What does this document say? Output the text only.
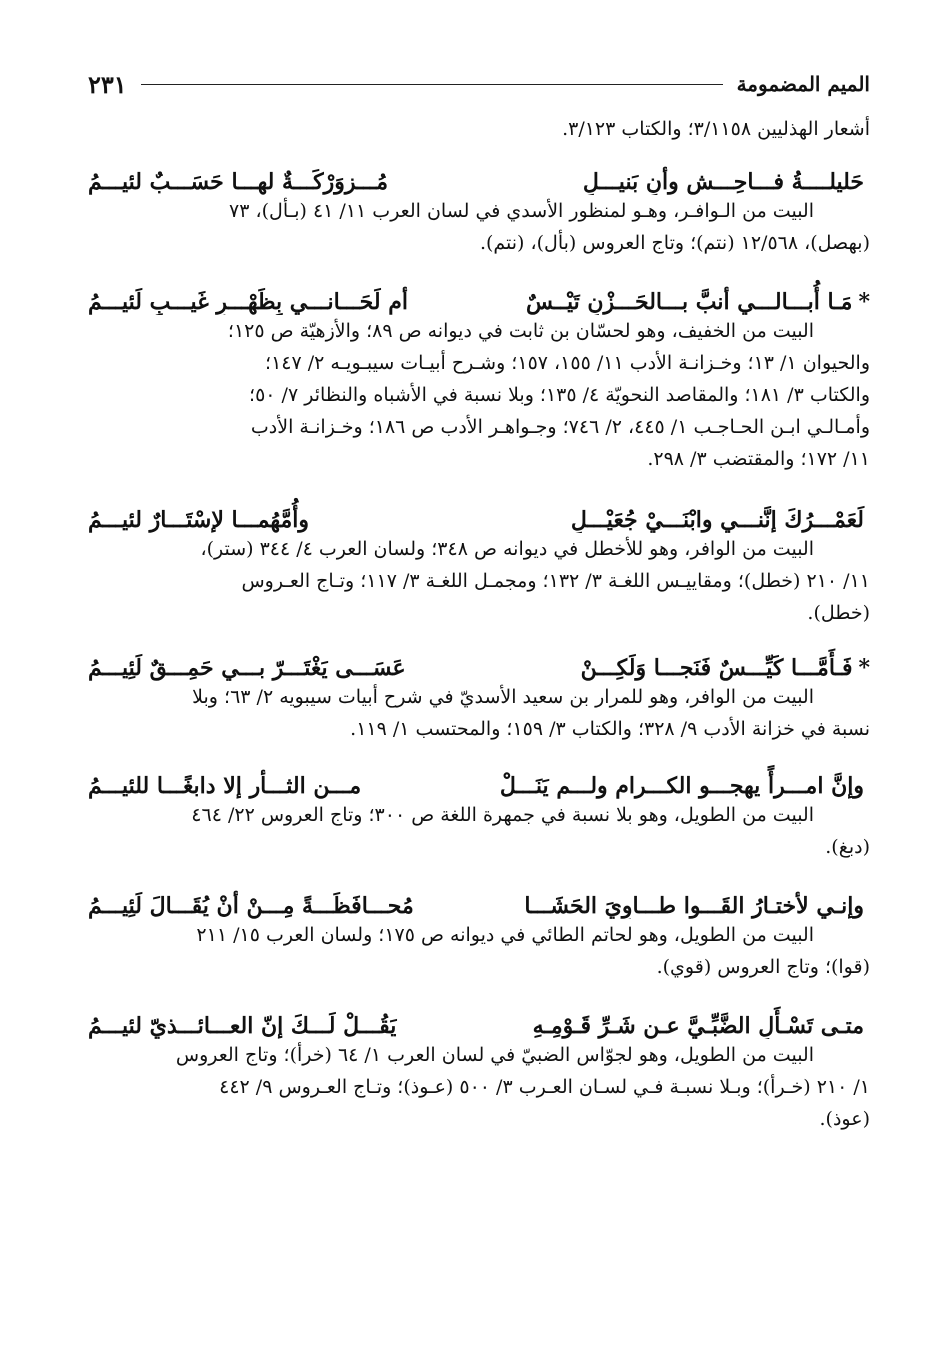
الميم المضمومة
٢٣١
أشعار الهذليين ٣/١١٥٨؛ والكتاب ٣/١٢٣.
حَليلــــةُ فـــاحِـــشٍ وأنٍ بَنيـــلٍ
مُـــزوَرْكَـــةٌ لهـــا حَسَـــبٌ لئيـــمُ
البيت من الـوافـر، وهـو لمنظور الأسدي في لسان العرب ١١/ ٤١ (بـأل)، ٧٣
(بهصل)، ١٢/٥٦٨ (نتم)؛ وتاج العروس (بأل)، (نتم).
*مَـا أُبـــالـــي أنبَّ بـــالحَـــزْنِ تَيْــسٌ
أم لَحَـــانـــي بِظَهْـــرِ غَيـــبٍ لَئيـــمُ
البيت من الخفيف، وهو لحسّان بن ثابت في ديوانه ص ٨٩؛ والأزهيّة ص ١٢٥؛
والحيوان ١/ ١٣؛ وخـزانـة الأدب ١١/ ١٥٥، ١٥٧؛ وشـرح أبيـات سيبـويـه ٢/ ١٤٧؛
والكتاب ٣/ ١٨١؛ والمقاصد النحويّة ٤/ ١٣٥؛ وبلا نسبة في الأشباه والنظائر ٧/ ٥٠؛
وأمـالـي ابـن الحـاجـب ١/ ٤٤٥، ٢/ ٧٤٦؛ وجـواهـر الأدب ص ١٨٦؛ وخـزانـة الأدب
١١/ ١٧٢؛ والمقتضب ٣/ ٢٩٨.
لَعَمْـــرُكَ إنَّنـــي وابْنَـــيْ جُعَيْـــلٍ
وأُمَّهُمـــا لإسْتَـــارٌ لئيـــمُ
البيت من الوافر، وهو للأخطل في ديوانه ص ٣٤٨؛ ولسان العرب ٤/ ٣٤٤ (ستر)،
١١/ ٢١٠ (خطل)؛ ومقاييـس اللغـة ٣/ ١٣٢؛ ومجمـل اللغـة ٣/ ١١٧؛ وتـاج العـروس
(خطل).
*فَـأَمَّـــا كَيِّـــسٌ فَنَجـــا وَلَكِـــنْ
عَسَـــى يَغْتَـــرّ بـــي حَمِـــقٌ لَئِيـــمُ
البيت من الوافر، وهو للمرار بن سعيد الأسديّ في شرح أبيات سيبويه ٢/ ٦٣؛ وبلا
نسبة في خزانة الأدب ٩/ ٣٢٨؛ والكتاب ٣/ ١٥٩؛ والمحتسب ١/ ١١٩.
وإنَّ امـــرأً يهجـــو الكـــرام ولـــم يَنَـــلْ
مـــن الثـــأر إلا دابغًـــا للئيـــمُ
البيت من الطويل، وهو بلا نسبة في جمهرة اللغة ص ٣٠٠؛ وتاج العروس ٢٢/ ٤٦٤
(دبغ).
وإنـي لأختـارُ القَـــوا طـــاوِيَ الحَشَـــا
مُحـــافَظَـــةً مِـــنْ أنْ يُقَـــالَ لَئِيـــمُ
البيت من الطويل، وهو لحاتم الطائي في ديوانه ص ١٧٥؛ ولسان العرب ١٥/ ٢١١
(قوا)؛ وتاج العروس (قوي).
متـى تَسْـأَلِ الضَّبِّـيَّ عـن شَـرِّ قَـوْمِـهِ
يَقُـــلْ لَـــكَ إنّ العـــائـــذيّ لئيـــمُ
البيت من الطويل، وهو لجوّاس الضبيّ في لسان العرب ١/ ٦٤ (خرأ)؛ وتاج العروس
١/ ٢١٠ (خـرأ)؛ وبـلا نسبـة فـي لسـان العـرب ٣/ ٥٠٠ (عـوذ)؛ وتـاج العـروس ٩/ ٤٤٢
(عوذ).
